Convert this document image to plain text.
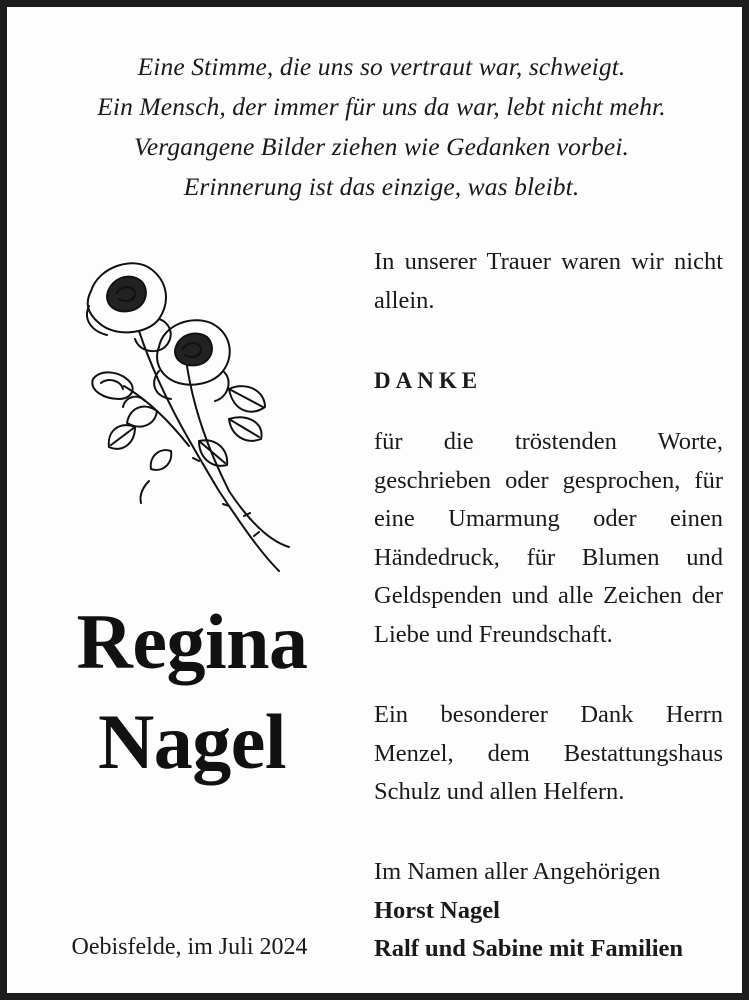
Eine Stimme, die uns so vertraut war, schweigt.
Ein Mensch, der immer für uns da war, lebt nicht mehr.
Vergangene Bilder ziehen wie Gedanken vorbei.
Erinnerung ist das einzige, was bleibt.
Regina
Nagel
Oebisfelde, im Juli 2024
In unserer Trauer waren wir nicht allein.
DANKE
für die tröstenden Worte, geschrieben oder gesprochen, für eine Umarmung oder einen Händedruck, für Blumen und Geldspenden und alle Zeichen der Liebe und Freundschaft.
Ein besonderer Dank Herrn Menzel, dem Bestattungshaus Schulz und allen Helfern.
Im Namen aller Angehörigen
Horst Nagel
Ralf und Sabine mit Familien
